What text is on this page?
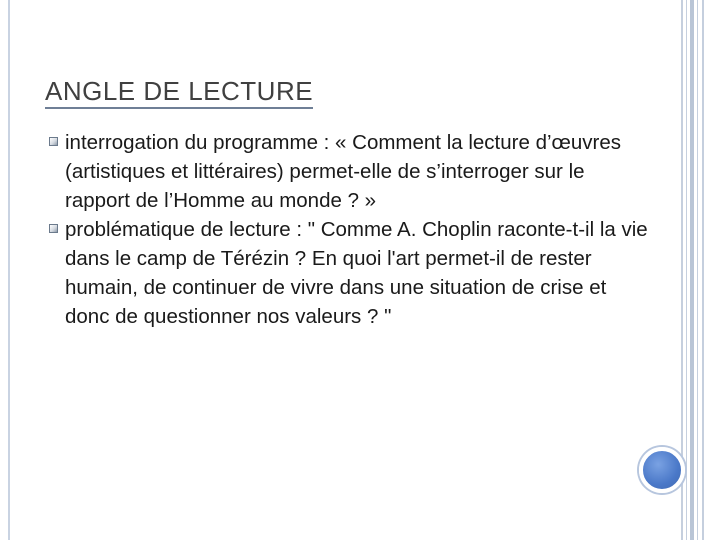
ANGLE DE LECTURE
interrogation du programme : « Comment la lecture d’œuvres (artistiques et littéraires) permet-elle de s’interroger sur le rapport de l’Homme au monde ? »
problématique de lecture : " Comme A. Choplin raconte-t-il la vie dans le camp de Térézin ? En quoi l'art permet-il de rester humain, de continuer de vivre dans une situation de crise et donc de questionner nos valeurs ? "
